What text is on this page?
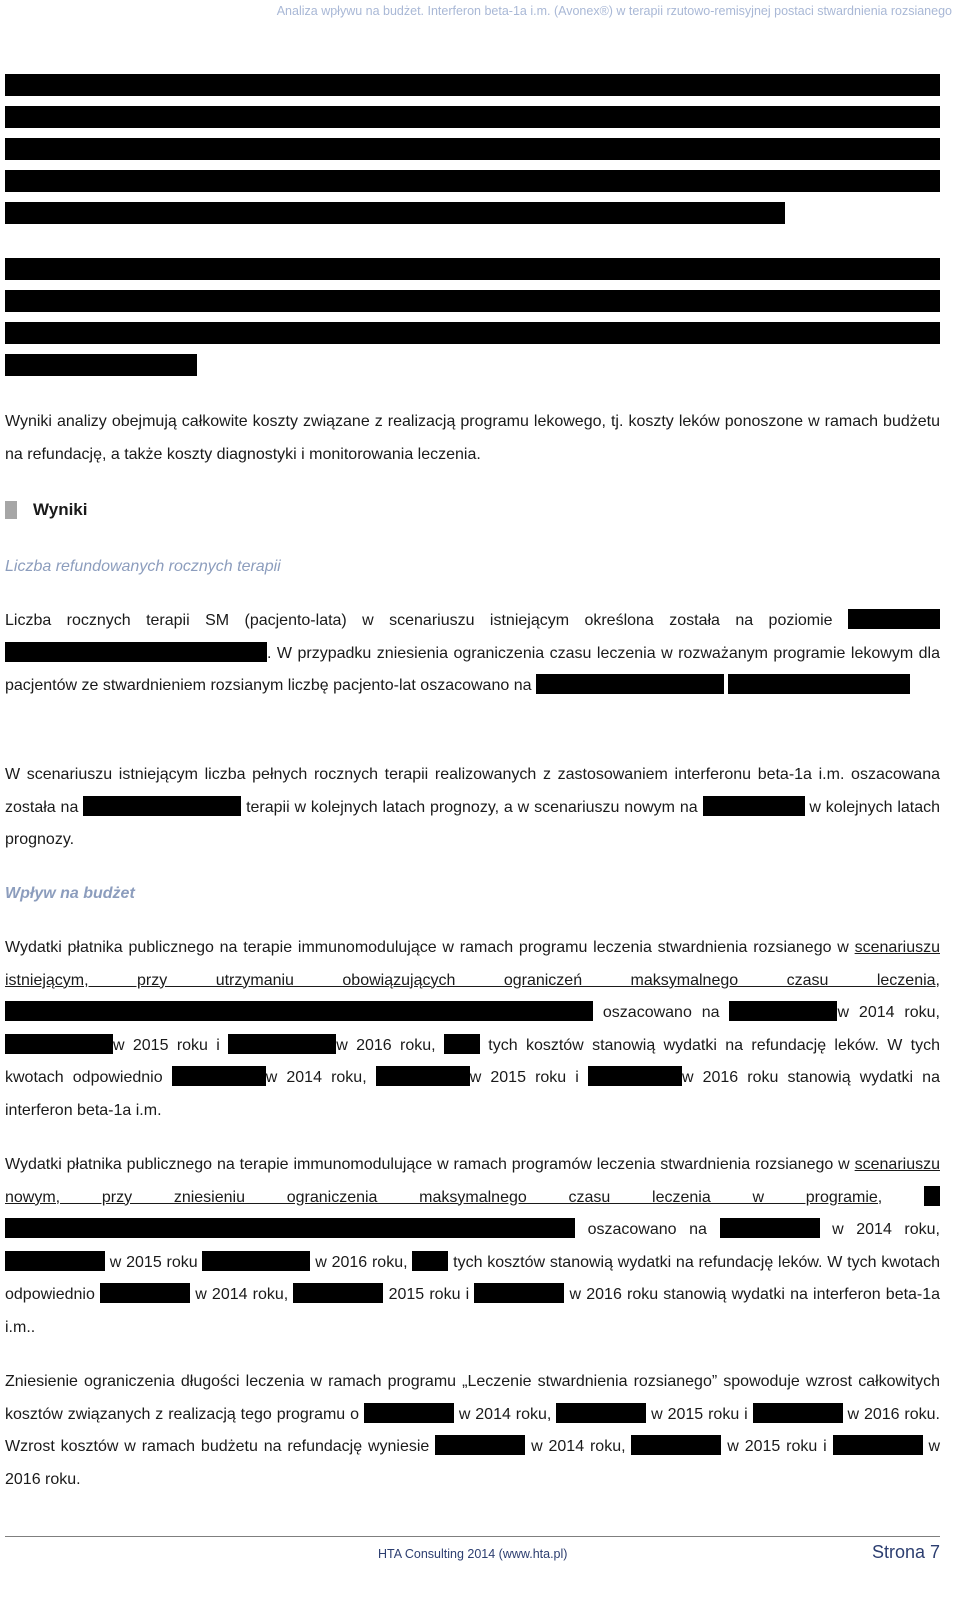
Analiza wpływu na budżet. Interferon beta-1a i.m. (Avonex®) w terapii rzutowo-remisyjnej postaci stwardnienia rozsianego

Wyniki analizy obejmują całkowite koszty związane z realizacją programu lekowego, tj. koszty leków ponoszone w ramach budżetu na refundację, a także koszty diagnostyki i monitorowania leczenia.

Wyniki

Liczba refundowanych rocznych terapii

Liczba rocznych terapii SM (pacjento-lata) w scenariuszu istniejącym określona została na poziomie  . W przypadku zniesienia ograniczenia czasu leczenia w rozważanym programie lekowym dla pacjentów ze stwardnieniem rozsianym liczbę pacjento-lat oszacowano na

W scenariuszu istniejącym liczba pełnych rocznych terapii realizowanych z zastosowaniem interferonu beta-1a i.m. oszacowana została na	terapii w kolejnych latach prognozy, a w scenariuszu nowym na	w kolejnych latach prognozy.

Wpływ na budżet

Wydatki płatnika publicznego na terapie immunomodulujące w ramach programu leczenia stwardnienia rozsianego w scenariuszu istniejącym, przy utrzymaniu obowiązujących ograniczeń maksymalnego czasu leczenia,  oszacowano na	w 2014 roku, w 2015 roku i	w 2016 roku,	tych kosztów stanowią wydatki na refundację leków. W tych kwotach odpowiednio	w 2014 roku,	w 2015 roku i	w 2016 roku stanowią wydatki na interferon beta-1a i.m.

Wydatki płatnika publicznego na terapie immunomodulujące w ramach programów leczenia stwardnienia rozsianego w scenariuszu nowym, przy zniesieniu ograniczenia maksymalnego czasu leczenia w programie,   oszacowano na	w 2014 roku,  w 2015 roku	w 2016 roku,	tych kosztów stanowią wydatki na refundację leków. W tych kwotach odpowiednio	w 2014 roku,	2015 roku i	w 2016 roku stanowią wydatki na interferon beta-1a i.m..

Zniesienie ograniczenia długości leczenia w ramach programu „Leczenie stwardnienia rozsianego” spowoduje wzrost całkowitych kosztów związanych z realizacją tego programu o	w 2014 roku,	w 2015 roku i	w 2016 roku. Wzrost kosztów w ramach budżetu na refundację wyniesie	w 2014 roku,	w 2015 roku i	w 2016 roku.

HTA Consulting 2014 (www.hta.pl)	Strona 7
